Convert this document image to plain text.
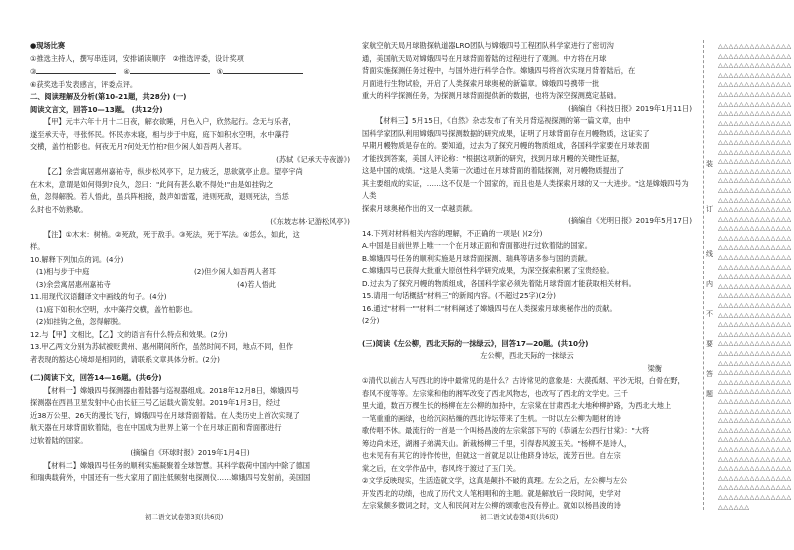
●现场比赛

①推选主持人，撰写串连词，安排诵读顺序 ②推选评委，设计奖项

③	④	⑤

⑥获奖选手发表感言，评委点评。

二、阅读理解及分析(第10-21题，共28分) (一)

阅读文言文，回答10—13题。 (共12分)

【甲】元丰六年十月十二日夜，解衣欲睡，月色入户，欣然起行。念无与乐者，

遂至承天寺，寻张怀民。怀民亦未寝，相与步于中庭，庭下如积水空明，水中藻荇

交横，盖竹柏影也。何夜无月?何处无竹柏?但少闲人如吾两人者耳。

(苏轼《记承天寺夜游》)

【乙】余尝寓居惠州嘉祐寺，纵步松风亭下，足力疲乏，思欲就亭止息。望亭宇尚

在木末，意谓是如何得到?良久，忽曰："此间有甚么歇不得处!"由是如挂钩之

鱼，忽得解脱。若人悟此，虽兵阵相接，鼓声如雷霆，进则死敌，退则死法，当恁

么时也不妨熟歇。

(《东坡志林·记游松风亭》)

【注】①木末：树梢。②死敌，死于敌手。③死法，死于军法。④恁么，如此，这

样。

10.解释下列加点的词。(4分)

(1)相与步于中庭	(2)但少闲人如吾两人者耳
(3)余尝寓居惠州嘉祐寺	(4)若人悟此

11.用现代汉语翻译文中画线的句子。(4分)

(1)庭下如积水空明，水中藻荇交横，盖竹柏影也。

(2)如挂钩之鱼，忽得解脱。

12.与【甲】文相比，【乙】文的语言有什么特点和效果。(2分)

13.甲乙两文分别为苏轼被贬黄州、惠州期间所作，虽然时间不同，地点不同，但作

者表现的豁达心境却是相同的，请联系文章具体分析。(2分)

(二)阅读下文，回答14—16题。(共6分)

【材料一】嫦娥四号探测器由着陆器与巡视器组成。2018年12月8日，嫦娥四号

探测器在西昌卫星发射中心由长征三号乙运载火箭发射。2019年1月3日，经过

近38万公里、26天的漫长飞行，嫦娥四号在月球背面着陆。在人类历史上首次实现了

航天器在月球背面软着陆，也在中国成为世界上第一个在月球正面和背面都进行

过软着陆的国家。

(摘编自《环球时报》2019年1月4日)

【材料二】嫦娥四号任务的顺利实施凝聚着全球智慧。其科学载荷中国内中除了德国

和瑞典载荷外，中国还有一些大家用了面注低频射电探测仪……嫦娥四号发射前，美国国

初二语文试卷第3页(共6页)

家航空航天局月球勘探轨道器LRO团队与嫦娥四号工程团队科学家进行了密切沟

通，美国航天局对嫦娥四号在月球背面着陆的过程进行了观测。中方将在月球

背面实施探测任务过程中，与国外进行科学合作。嫦娥四号将首次实现月背着陆后，在

月面进行生物试验，开启了人类探索月球奥秘的新篇章。嫦娥四号携带一批

重大的科学探测任务，为探测月球背面提供新的数据，也将为深空探测奠定基础。

(摘编自《科技日报》2019年1月11日)

【材料三】5月15日，《自然》杂志发布了有关月背巡视探测的第一篇文章，由中

国科学家团队利用嫦娥四号探测数据的研究成果，证明了月球背面存在月幔物质，这证实了

早期月幔物质是存在的。要知道，过去为了探究月幔的物质组成，各国科学家要在月球表面

才能找到答案，美国人评论称："根据这项新的研究，找到月球月幔的关键性证据，

这是中国的成绩。"这是人类第一次通过在月球背面的着陆探测，对月幔物质提出了

其主要组成的实证，……这不仅是一个国家的，而且也是人类探索月球的又一大进步。"这是嫦娥四号为人类

探索月球奥秘作出的又一卓越贡献。

(摘编自《光明日报》2019年5月17日)

14.下列对材料相关内容的理解，不正确的一项是( )(2分)

A.中国是目前世界上唯一一个在月球正面和背面都进行过软着陆的国家。

B.嫦娥四号任务的顺利实施是月球背面探测、瑞典等诸多参与国的贡献。

C.嫦娥四号已获得大批重大原创性科学研究成果，为深空探索积累了宝贵经验。

D.过去为了探究月幔的物质组成，各国科学家必须先着陆月球背面才能获取相关材料。

15.请用一句话概括"材料三"的新闻内容。(不超过25字)(2分)

16.通过"材料一""材料二"材料阐述了嫦娥四号在人类探索月球奥秘作出的贡献。

(2分)

(三)阅读《左公柳，西北天际的一抹绿云》，回答17—20题。(共10分)

左公柳，西北天际的一抹绿云

梁衡

①清代以前古人写西北的诗中最常见的是什么？古诗常见的意象是：大漠孤烟、平沙无垠，白骨在野，

春风不度等等。左宗棠和他的湘军改变了西北风物志，也改写了西北的文学史。三千

里大道，数百万棵生长的杨柳在左公柳的加持中，左宗棠在甘肃西北大地种柳护路，为西北大地上

一笔重重的画绿，也给沉闷枯燥的西北诗坛带来了生机。一时以左公柳为题材的诗

歌传唱不休。最流行的一首是一个叫杨昌浚的左宗棠部下写的《恭诵左公西行甘棠》："大将

筹边尚未还，湖湘子弟满天山。新栽杨柳三千里，引得春风渡玉关。"杨柳不是诗人，

也未见有有其它的诗作传世，但就这一首就足以让他跻身诗坛，流芳百世。自左宗

棠之后，在文学作品中，春风终于渡过了玉门关。

②文学反映现实，生活造就文学，这真是颠扑不破的真理。左公之后，左公柳与左公

开发西北的功绩，也成了历代文人笔相唱和的主题。就是解放后一段时间，史学对

左宗棠颇多微词之时，文人和民间对左公柳的颂歌也没有停止。就如以杨昌浚的诗

初二语文试卷第4页(共6页)
装
订
线
内
不
要
答
题
△△△△△△△△△△△△△△△△△△△△△△△△△△△△△△△△△△△△△△△△△△△△△△△△△△△△△△△△△△△△△△△△△△△△△△△△△△△△△△△△△△△△△△△△△△△△△△△△△△△△△△△△△△△△△△△△△△△△△△△△△△△△△△△△△△△△△△△△△△△△△△△△△△△△△△△△△△△△△△△△△△△△△△△△△△△△△△△△△△△△△△△△△△△△△△△△△△△△△△△△△△△△△△△△△△△△△△△△△△△△△△△△△△△△△△△△△△△△△△△△△△△△△△△△△△△△△△△△△△△△△△△△△△△△△△△△△△△△△△△△△△△△△△△△△△△△△△△△△△△△△△△△△△△△△△△△△△△△△△△△△△△△△△△△△△△△△△△△△△△△△△△△△△△△△△△△△△△△△△△△△△△△△△△△△△△△△△△△△△△△△△△△△△△△△△△△△△△△△△△△△△△△△△△△△△△△△△△△△△△△△△△△△△△△△△△△△△△△△△△△△△△△△△△△△△△△△△△△△△△△△△△△△△△△△△△△△△△△△△△△△△△△△△△△△△△△△△△△△△△△△△△△△△△△△△△△△△△△△△△△△△△△△△△△△△△△△△△△△△△△△△△△△△△△△△△△△△△△△△△△△△△△△△△△△△△△△△△△△△△△△△△△△△△△△△△△△△△△△△△△△△△△△△△△△△△△△△△△△△△△△△△△△△△△△△△△△△△△△△△△△△△△△△△△△△△△△△△△△△△△△△△△△△△△△△△△△△△△△△
